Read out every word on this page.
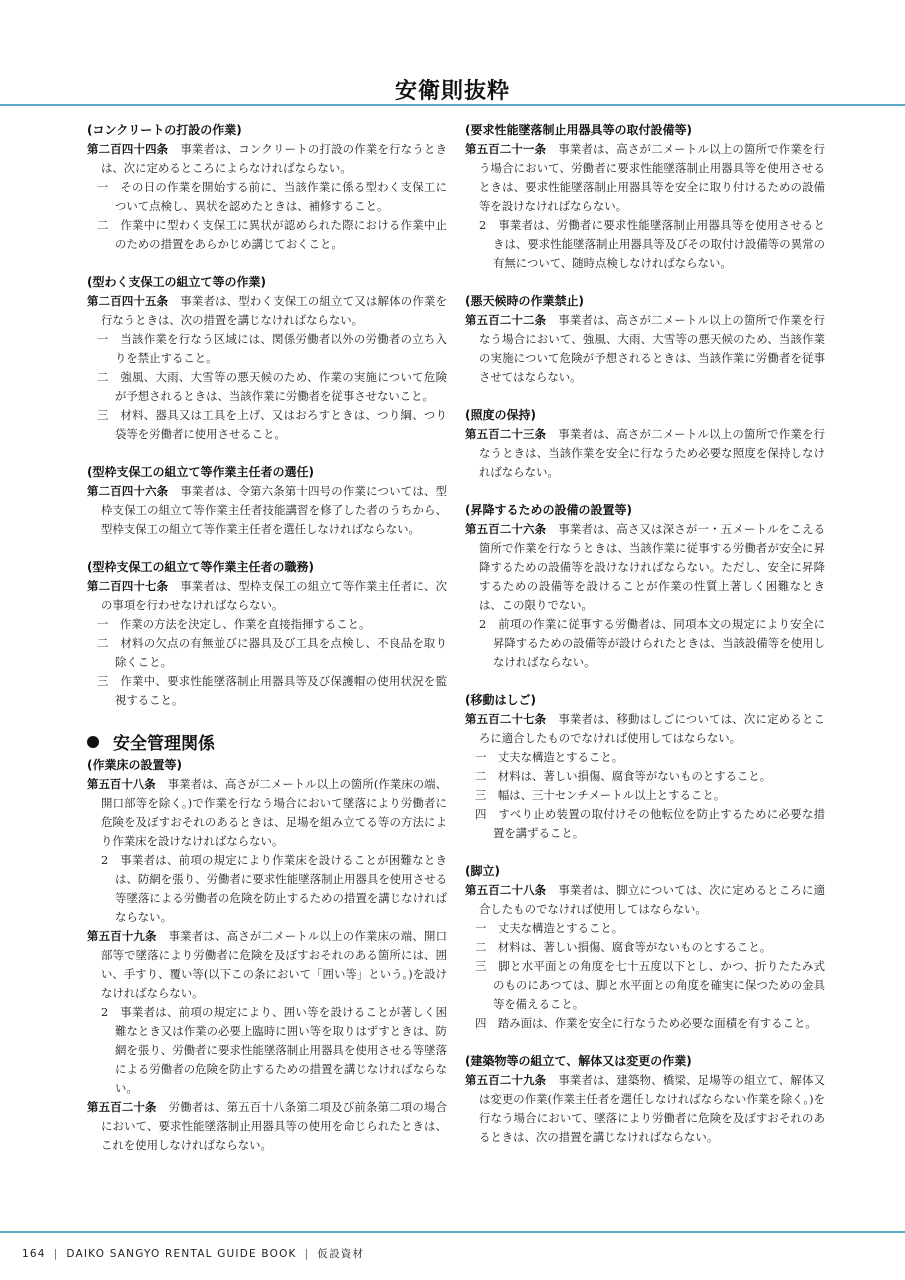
安衛則抜粋
(コンクリートの打設の作業)
第二百四十四条 事業者は、コンクリートの打設の作業を行なうときは、次に定めるところによらなければならない。
一　 その日の作業を開始する前に、当該作業に係る型わく支保工について点検し、異状を認めたときは、補修すること。
二　 作業中に型わく支保工に異状が認められた際における作業中止のための措置をあらかじめ講じておくこと。
(型わく支保工の組立て等の作業)
第二百四十五条 事業者は、型わく支保工の組立て又は解体の作業を行なうときは、次の措置を講じなければならない。
一　 当該作業を行なう区域には、関係労働者以外の労働者の立ち入りを禁止すること。
二　 強風、大雨、大雪等の悪天候のため、作業の実施について危険が予想されるときは、当該作業に労働者を従事させないこと。
三　 材料、器具又は工具を上げ、又はおろすときは、つり綱、つり袋等を労働者に使用させること。
(型枠支保工の組立て等作業主任者の選任)
第二百四十六条 事業者は、令第六条第十四号の作業については、型枠支保工の組立て等作業主任者技能講習を修了した者のうちから、型枠支保工の組立て等作業主任者を選任しなければならない。
(型枠支保工の組立て等作業主任者の職務)
第二百四十七条 事業者は、型枠支保工の組立て等作業主任者に、次の事項を行わせなければならない。
一　 作業の方法を決定し、作業を直接指揮すること。
二　 材料の欠点の有無並びに器具及び工具を点検し、不良品を取り除くこと。
三　 作業中、要求性能墜落制止用器具等及び保護帽の使用状況を監視すること。
安全管理関係
(作業床の設置等)
第五百十八条 事業者は、高さが二メートル以上の箇所(作業床の端、開口部等を除く。)で作業を行なう場合において墜落により労働者に危険を及ぼすおそれのあるときは、足場を組み立てる等の方法により作業床を設けなければならない。
2　 事業者は、前項の規定により作業床を設けることが困難なときは、防網を張り、労働者に要求性能墜落制止用器具を使用させる等墜落による労働者の危険を防止するための措置を講じなければならない。
第五百十九条 事業者は、高さが二メートル以上の作業床の端、開口部等で墜落により労働者に危険を及ぼすおそれのある箇所には、囲い、手すり、覆い等(以下この条において「囲い等」という。)を設けなければならない。
2　 事業者は、前項の規定により、囲い等を設けることが著しく困難なとき又は作業の必要上臨時に囲い等を取りはずすときは、防網を張り、労働者に要求性能墜落制止用器具を使用させる等墜落による労働者の危険を防止するための措置を講じなければならない。
第五百二十条 労働者は、第五百十八条第二項及び前条第二項の場合において、要求性能墜落制止用器具等の使用を命じられたときは、これを使用しなければならない。
(要求性能墜落制止用器具等の取付設備等)
第五百二十一条 事業者は、高さが二メートル以上の箇所で作業を行う場合において、労働者に要求性能墜落制止用器具等を使用させるときは、要求性能墜落制止用器具等を安全に取り付けるための設備等を設けなければならない。
2　 事業者は、労働者に要求性能墜落制止用器具等を使用させるときは、要求性能墜落制止用器具等及びその取付け設備等の異常の有無について、随時点検しなければならない。
(悪天候時の作業禁止)
第五百二十二条 事業者は、高さが二メートル以上の箇所で作業を行なう場合において、強風、大雨、大雪等の悪天候のため、当該作業の実施について危険が予想されるときは、当該作業に労働者を従事させてはならない。
(照度の保持)
第五百二十三条 事業者は、高さが二メートル以上の箇所で作業を行なうときは、当該作業を安全に行なうため必要な照度を保持しなければならない。
(昇降するための設備の設置等)
第五百二十六条 事業者は、高さ又は深さが一・五メートルをこえる箇所で作業を行なうときは、当該作業に従事する労働者が安全に昇降するための設備等を設けなければならない。ただし、安全に昇降するための設備等を設けることが作業の性質上著しく困難なときは、この限りでない。
2　 前項の作業に従事する労働者は、同項本文の規定により安全に昇降するための設備等が設けられたときは、当該設備等を使用しなければならない。
(移動はしご)
第五百二十七条 事業者は、移動はしごについては、次に定めるところに適合したものでなければ使用してはならない。
一　 丈夫な構造とすること。
二　 材料は、著しい損傷、腐食等がないものとすること。
三　 幅は、三十センチメートル以上とすること。
四　 すべり止め装置の取付けその他転位を防止するために必要な措置を講ずること。
(脚立)
第五百二十八条 事業者は、脚立については、次に定めるところに適合したものでなければ使用してはならない。
一　 丈夫な構造とすること。
二　 材料は、著しい損傷、腐食等がないものとすること。
三　 脚と水平面との角度を七十五度以下とし、かつ、折りたたみ式のものにあつては、脚と水平面との角度を確実に保つための金具等を備えること。
四　 踏み面は、作業を安全に行なうため必要な面積を有すること。
(建築物等の組立て、解体又は変更の作業)
第五百二十九条 事業者は、建築物、橋梁、足場等の組立て、解体又は変更の作業(作業主任者を選任しなければならない作業を除く。)を行なう場合において、墜落により労働者に危険を及ぼすおそれのあるときは、次の措置を講じなければならない。
164 | DAIKO SANGYO RENTAL GUIDE BOOK | 仮設資材
